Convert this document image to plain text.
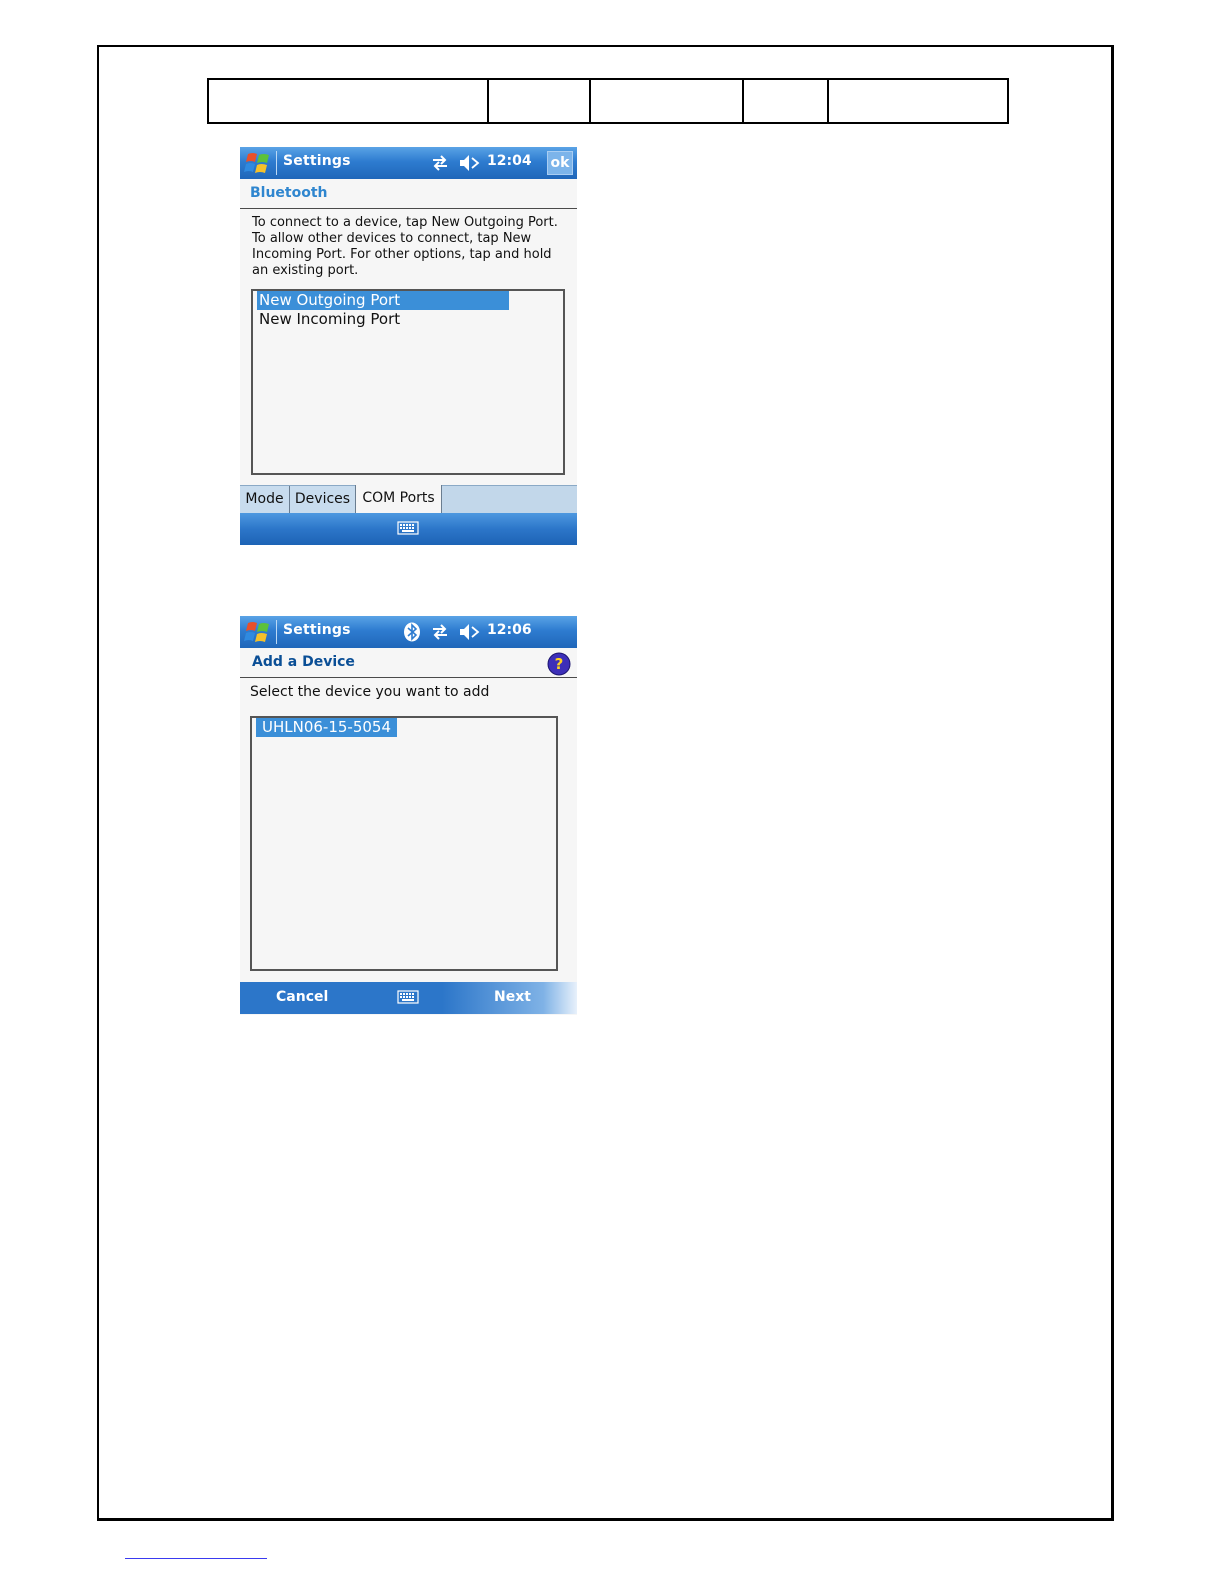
Settings	12:04 ok
Bluetooth

To connect to a device, tap New Outgoing Port. To allow other devices to connect, tap New Incoming Port. For other options, tap and hold an existing port.

New Outgoing Port
New Incoming Port
Mode Devices COM Ports
Settings	12:06
Add a Device	?
Select the device you want to add
UHLN06-15-5054
Cancel	Next
